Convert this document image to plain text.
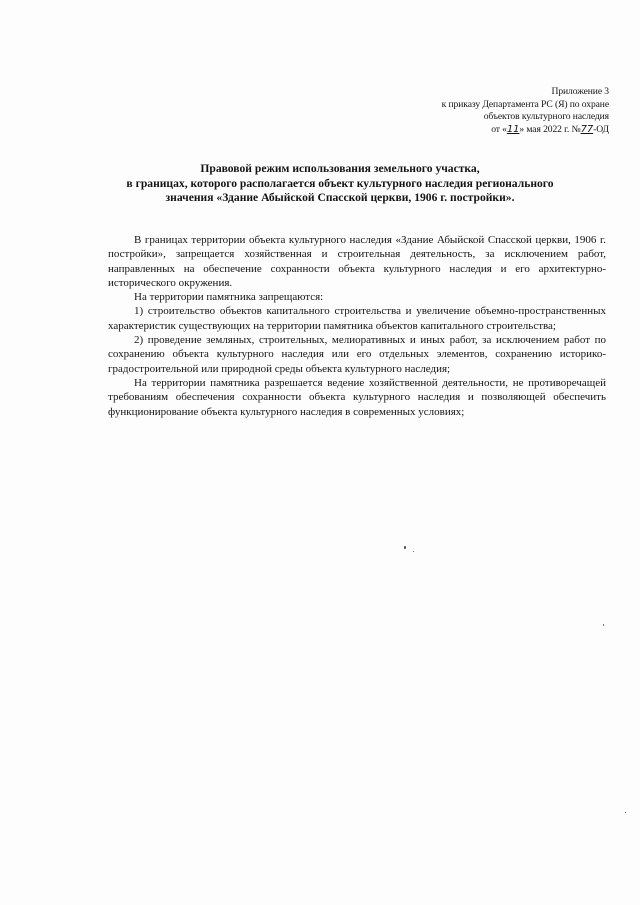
Приложение 3
к приказу Департамента РС (Я) по охране
объектов культурного наследия
от «11» мая 2022 г. №77-ОД
Правовой режим использования земельного участка,
в границах, которого располагается объект культурного наследия регионального
значения «Здание Абыйской Спасской церкви, 1906 г. постройки».

В границах территории объекта культурного наследия «Здание Абыйской Спасской церкви, 1906 г. постройки», запрещается хозяйственная и строительная деятельность, за исключением работ, направленных на обеспечение сохранности объекта культурного наследия и его архитектурно-исторического окружения.

На территории памятника запрещаются:

1) строительство объектов капитального строительства и увеличение объемно-пространственных характеристик существующих на территории памятника объектов капитального строительства;

2) проведение земляных, строительных, мелиоративных и иных работ, за исключением работ по сохранению объекта культурного наследия или его отдельных элементов, сохранению историко-градостроительной или природной среды объекта культурного наследия;

На территории памятника разрешается ведение хозяйственной деятельности, не противоречащей требованиям обеспечения сохранности объекта культурного наследия и позволяющей обеспечить функционирование объекта культурного наследия в современных условиях;
